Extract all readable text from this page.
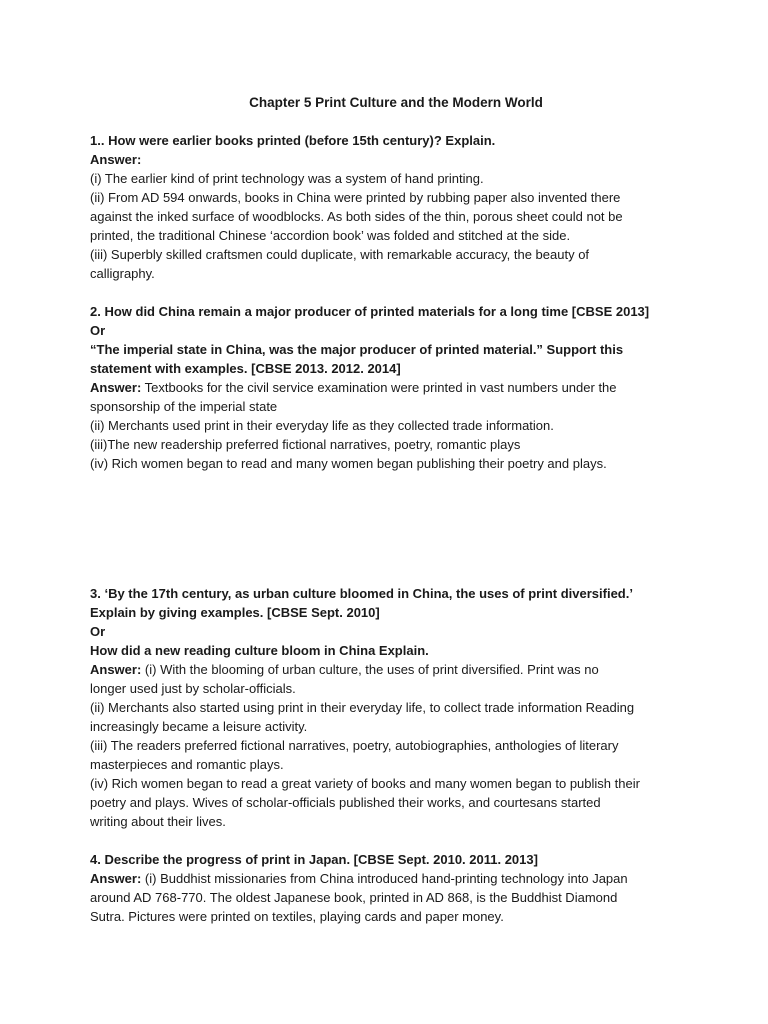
Chapter 5 Print Culture and the Modern World

1.. How were earlier books printed (before 15th century)? Explain.

Answer:

(i) The earlier kind of print technology was a system of hand printing.

(ii) From AD 594 onwards, books in China were printed by rubbing paper also invented there

against the inked surface of woodblocks. As both sides of the thin, porous sheet could not be

printed, the traditional Chinese ‘accordion book’ was folded and stitched at the side.

(iii) Superbly skilled craftsmen could duplicate, with remarkable accuracy, the beauty of

calligraphy.

2. How did China remain a major producer of printed materials for a long time [CBSE 2013]

Or

“The imperial state in China, was the major producer of printed material.” Support this

statement with examples. [CBSE 2013. 2012. 2014]

Answer: Textbooks for the civil service examination were printed in vast numbers under the

sponsorship of the imperial state

(ii) Merchants used print in their everyday life as they collected trade information.

(iii)The new readership preferred fictional narratives, poetry, romantic plays

(iv) Rich women began to read and many women began publishing their poetry and plays.

3. ‘By the 17th century, as urban culture bloomed in China, the uses of print diversified.’

Explain by giving examples. [CBSE Sept. 2010]

Or

How did a new reading culture bloom in China Explain.

Answer: (i) With the blooming of urban culture, the uses of print diversified. Print was no

longer used just by scholar-officials.

(ii) Merchants also started using print in their everyday life, to collect trade information Reading

increasingly became a leisure activity.

(iii) The readers preferred fictional narratives, poetry, autobiographies, anthologies of literary

masterpieces and romantic plays.

(iv) Rich women began to read a great variety of books and many women began to publish their

poetry and plays. Wives of scholar-officials published their works, and courtesans started

writing about their lives.

4. Describe the progress of print in Japan. [CBSE Sept. 2010. 2011. 2013]

Answer: (i) Buddhist missionaries from China introduced hand-printing technology into Japan

around AD 768-770. The oldest Japanese book, printed in AD 868, is the Buddhist Diamond

Sutra. Pictures were printed on textiles, playing cards and paper money.
